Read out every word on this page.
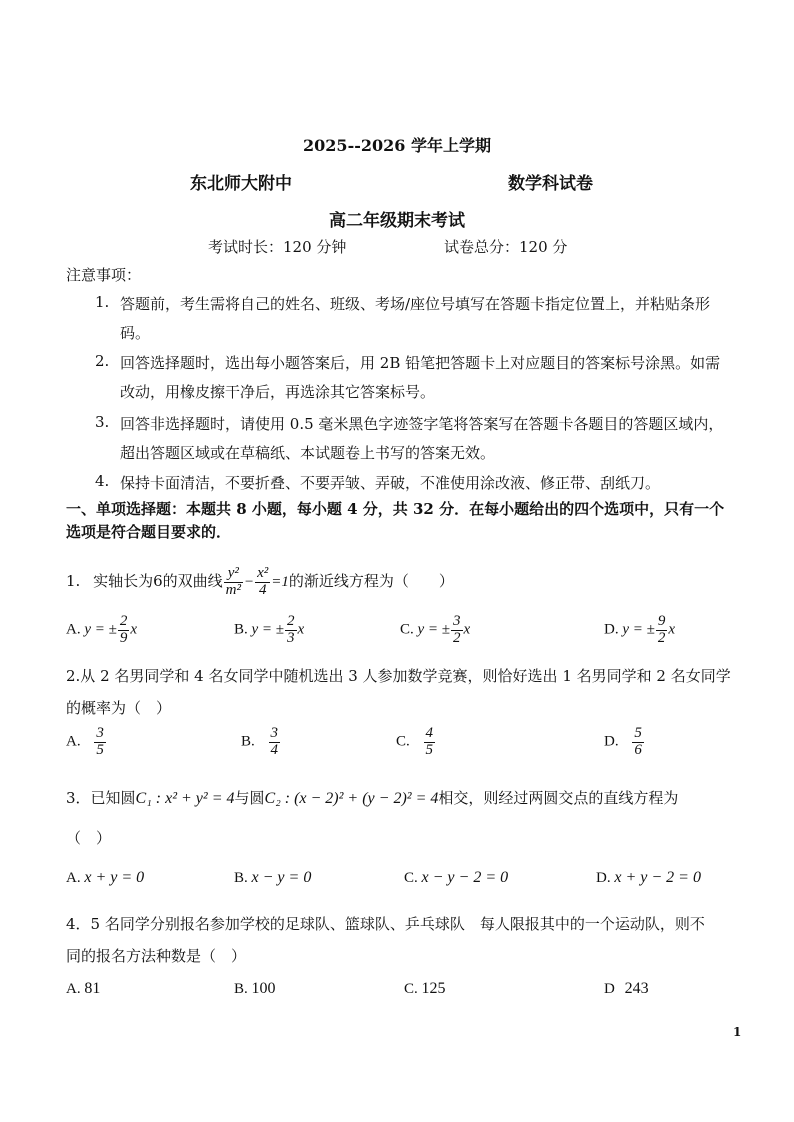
2025--2026 学年上学期
东北师大附中	数学科试卷
高二年级期末考试
考试时长：120 分钟	试卷总分：120 分
注意事项：
1. 答题前，考生需将自己的姓名、班级、考场/座位号填写在答题卡指定位置上，并粘贴条形
码。
2. 回答选择题时，选出每小题答案后，用 2B 铅笔把答题卡上对应题目的答案标号涂黑。如需
改动，用橡皮擦干净后，再选涂其它答案标号。
3. 回答非选择题时，请使用 0.5 毫米黑色字迹签字笔将答案写在答题卡各题目的答题区域内，
超出答题区域或在草稿纸、本试题卷上书写的答案无效。
4. 保持卡面清洁，不要折叠、不要弄皱、弄破，不准使用涂改液、修正带、刮纸刀。
一、单项选择题：本题共 8 小题，每小题 4 分，共 32 分．在每小题给出的四个选项中，只有一个
选项是符合题目要求的．
1. 实轴长为6的双曲线 $\frac{\text{y²}}{\text{m²}} - \frac{\text{x²}}{4} =1$的渐近线方程为（　　）
A. y = ± $\frac{2}{9}$ x	B. y = ± $\frac{2}{3}$ x	C. y = ± $\frac{3}{2}$ x	D. y = ± $\frac{9}{2}$ x
2.从 2 名男同学和 4 名女同学中随机选出 3 人参加数学竞赛，则恰好选出 1 名男同学和 2 名女同学
的概率为（　）
A. $\frac{3}{5}$	B. $\frac{3}{4}$	C. $\frac{4}{5}$	D. $\frac{5}{6}$
3．已知圆C₁ : x² + y² = 4与圆C₂ : (x − 2)² + (y − 2)² = 4相交，则经过两圆交点的直线方程为
（　）
A. x + y = 0	B. x − y = 0	C. x − y − 2 = 0	D. x + y − 2 = 0
4．5 名同学分别报名参加学校的足球队、篮球队、乒乓球队　每人限报其中的一个运动队，则不
同的报名方法种数是（　）
A. 81	B. 100	C. 125	D 243
1
